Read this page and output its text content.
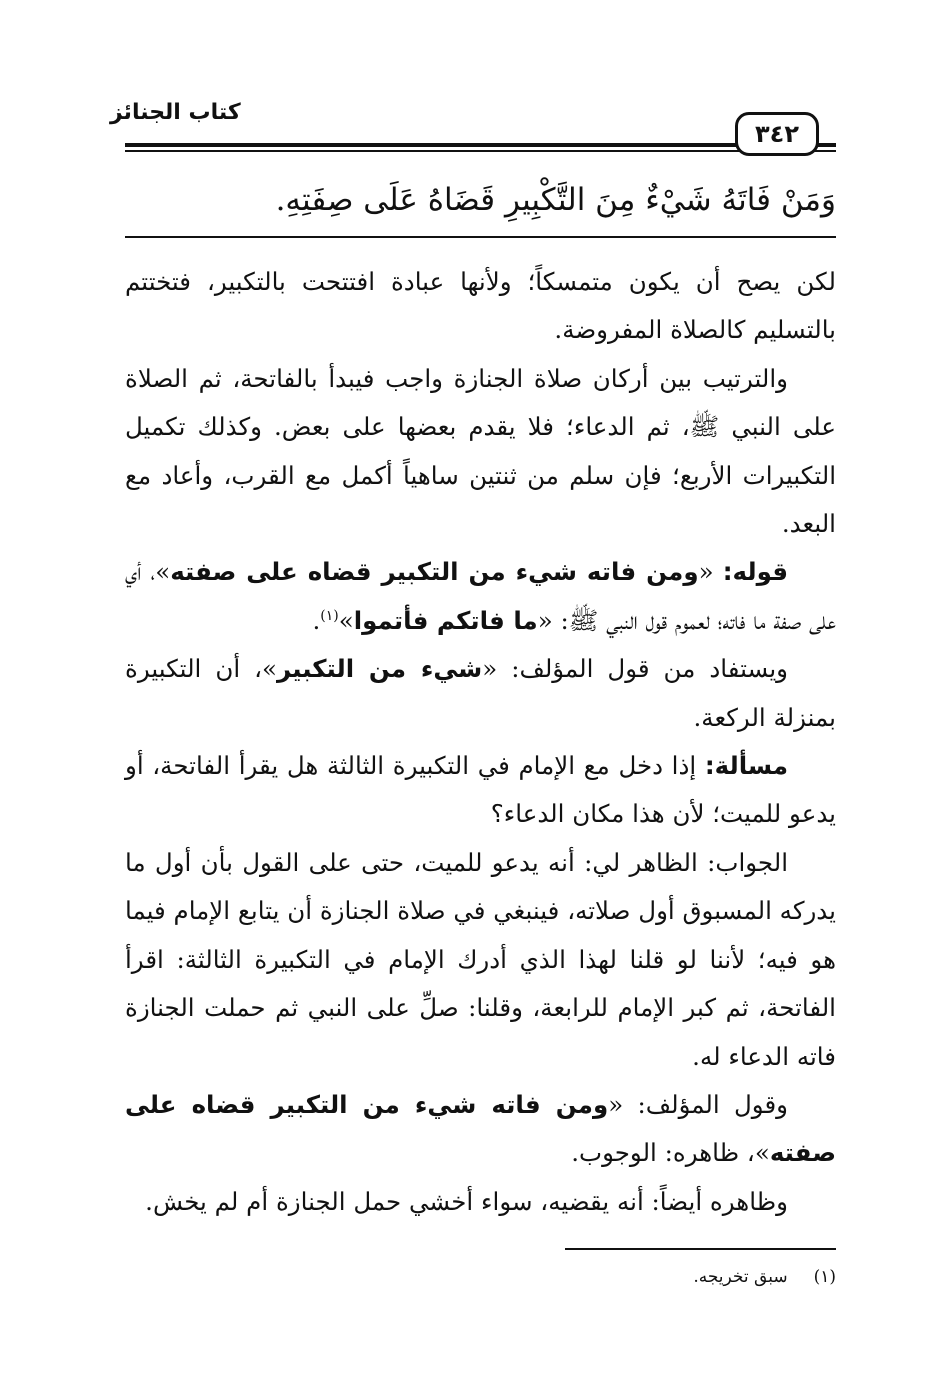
كتاب الجنائز
٣٤٢
وَمَنْ فَاتَهُ شَيْءٌ مِنَ التَّكْبِيرِ قَضَاهُ عَلَى صِفَتِهِ.

لكن يصح أن يكون متمسكاً؛ ولأنها عبادة افتتحت بالتكبير، فتختتم بالتسليم كالصلاة المفروضة.

والترتيب بين أركان صلاة الجنازة واجب فيبدأ بالفاتحة، ثم الصلاة على النبي ﷺ، ثم الدعاء؛ فلا يقدم بعضها على بعض. وكذلك تكميل التكبيرات الأربع؛ فإن سلم من ثنتين ساهياً أكمل مع القرب، وأعاد مع البعد.

قوله: «ومن فاته شيء من التكبير قضاه على صفته»، أي على صفة ما فاته؛ لعموم قول النبي ﷺ: «ما فاتكم فأتموا»$^{(١)}$.

ويستفاد من قول المؤلف: «شيء من التكبير»، أن التكبيرة بمنزلة الركعة.

مسألة: إذا دخل مع الإمام في التكبيرة الثالثة هل يقرأ الفاتحة، أو يدعو للميت؛ لأن هذا مكان الدعاء؟

الجواب: الظاهر لي: أنه يدعو للميت، حتى على القول بأن أول ما يدركه المسبوق أول صلاته، فينبغي في صلاة الجنازة أن يتابع الإمام فيما هو فيه؛ لأننا لو قلنا لهذا الذي أدرك الإمام في التكبيرة الثالثة: اقرأ الفاتحة، ثم كبر الإمام للرابعة، وقلنا: صلِّ على النبي ثم حملت الجنازة فاته الدعاء له.

وقول المؤلف: «ومن فاته شيء من التكبير قضاه على صفته»، ظاهره: الوجوب.

وظاهره أيضاً: أنه يقضيه، سواء أخشي حمل الجنازة أم لم يخش.

(١)سبق تخريجه.
